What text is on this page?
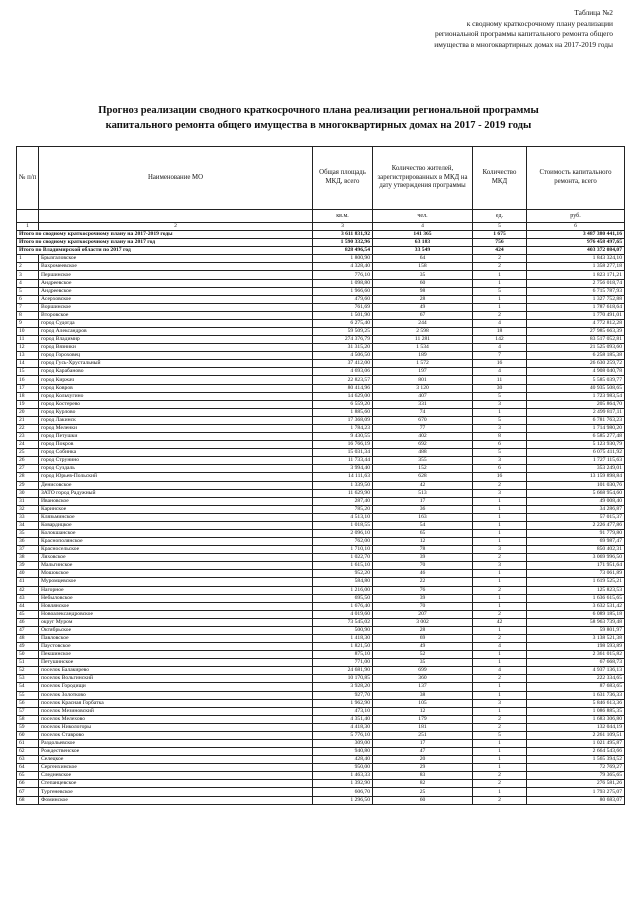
Таблица №2
к сводному краткосрочному плану реализации
региональной программы капитального ремонта общего
имущества в многоквартирных домах на 2017-2019 годы
Прогноз реализации сводного краткосрочного плана реализации региональной программы
капитального ремонта общего имущества в многоквартирных домах на 2017 - 2019 годы
№ п/п	Наименование МО	Общая площадь МКД, всего	Количество жителей, зарегистрированных в МКД на дату утверждения программы	Количество МКД	Стоимость капитального ремонта, всего
		кв.м.	чел.	ед.	руб.
1	2	3	4	5	6
Итого по сводному краткосрочному плану на 2017-2019 годы		3 611 831,92	141 365	1 675	3 487 380 441,16
Итого по сводному краткосрочному плану на 2017 год		1 590 332,96	63 183	756	976 458 497,65
Итого по Владимирской области по 2017 год		828 496,54	33 549	424	403 372 084,07
1	Брызгаловское	1 800,90	64	2	1 843 324,10
2	Вахромеевское	4 328,40	158	2	1 358 277,18
3	Першинское	776,10	35	1	1 823 171,21
4	Андреевское	1 098,80	60	1	2 756 018,74
5	Андреевское	1 966,60	98	5	6 715 787,93
6	Асерховское	479,60	28	1	1 327 752,88
7	Воршинское	761,69	49	1	1 787 618,64
8	Второвское	1 501,90	67	2	1 770 491,01
9	город Судогда	6 275,40	244	4	4 772 812,28
10	город Александров	59 509,25	2 598	18	27 985 663,39
11	город Владимир	274 376,79	11 281	142	83 517 052,81
12	город Вязники	31 315,20	1 534	4	21 525 093,60
13	город Гороховец	4 506,50	189	7	6 258 185,38
14	город Гусь-Хрустальный	37 412,00	1 572	16	26 630 259,72
15	город Карабаново	4 693,06	197	4	4 908 040,78
16	город Киржач	22 823,57	801	11	5 585 039,77
17	город Ковров	80 414,96	3 120	30	40 935 508,65
18	город Кольчугино	14 629,00	407	5	1 723 983,54
19	город Костерево	6 559,20	331	3	205 864,70
20	город Курлово	1 885,60	74	1	2 499 817,11
21	город Лакинск	17 368,09	670	5	6 781 763,23
22	город Меленки	1 784,23	77	3	1 714 980,20
23	город Петушки	9 430,55	402	8	6 585 277,48
24	город Покров	16 766,19	692	6	5 123 930,79
25	город Собинка	15 031,34	488	5	6 075 411,92
26	город Струнино	11 733,44	355	3	1 727 115,63
27	город Суздаль	3 994,40	152	6	353 249,01
28	город Юрьев-Польский	14 111,63	628	16	13 159 898,84
29	Денисовское	1 339,50	42	2	101 030,76
30	ЗАТО город Радужный	11 629,90	513	3	5 668 954,60
31	Ивановское	287,40	17	1	49 008,40
32	Каринское	785,20	36	1	34 286,87
33	Клязьминское	4 513,10	163	1	57 015,37
34	Ковардицкое	1 018,55	54	1	2 226 477,86
35	Колокшанское	2 096,10	65	1	91 779,80
36	Краснополянское	762,00	12	1	69 987,47
37	Красносельское	1 710,10	78	3	850 402,31
38	Ляховское	1 022,70	39	2	3 069 996,50
39	Мальгинское	1 615,10	70	3	171 951,64
40	Мошокское	952,20	46	1	73 061,89
41	Муромцевское	584,80	22	1	1 619 525,21
42	Нагорное	1 216,00	76	2	125 823,53
43	Небыловское	695,50	39	1	1 636 615,65
44	Новлянское	1 676,40	70	1	3 632 531,42
45	Новоалександровское	4 019,60	207	2	6 089 185,18
46	округ Муром	73 545,02	3 002	42	58 963 739,48
47	Октябрьское	500,90	28	1	59 801,97
48	Павловское	1 418,30	69	2	3 138 521,38
49	Паустовское	1 821,50	49	4	198 593,89
50	Пекшинское	875,10	52	1	2 361 015,82
51	Петушинское	771,00	35	1	67 668,73
52	поселок Балакирево	24 681,90	699	4	4 937 136,13
53	поселок Вольгинский	10 170,85	360	2	222 334,65
54	поселок Городищи	3 928,20	137	1	87 683,65
55	поселок Золотково	927,70	38	1	1 631 736,33
56	поселок Красная Горбатка	1 962,90	105	3	5 846 613,36
57	поселок Мезиновский	473,10	12	1	1 086 885,35
58	поселок Мелехово	4 351,40	179	2	1 683 306,80
59	поселок Никологоры	4 418,30	181	2	132 044,19
60	поселок Ставрово	5 776,10	251	5	2 261 109,51
61	Раздольевское	309,00	17	1	1 021 495,87
62	Рождественское	940,80	47	1	2 664 543,66
63	Селецкое	428,40	20	1	1 565 394,52
64	Сергеихинское	950,00	29	1	72 769,27
65	Следневское	1 463,33	83	2	79 365,65
66	Степанцевское	1 392,90	82	2	276 581,26
67	Тургеневское	606,70	25	1	1 793 275,07
68	Фоминское	1 296,50	60	2	80 683,07
